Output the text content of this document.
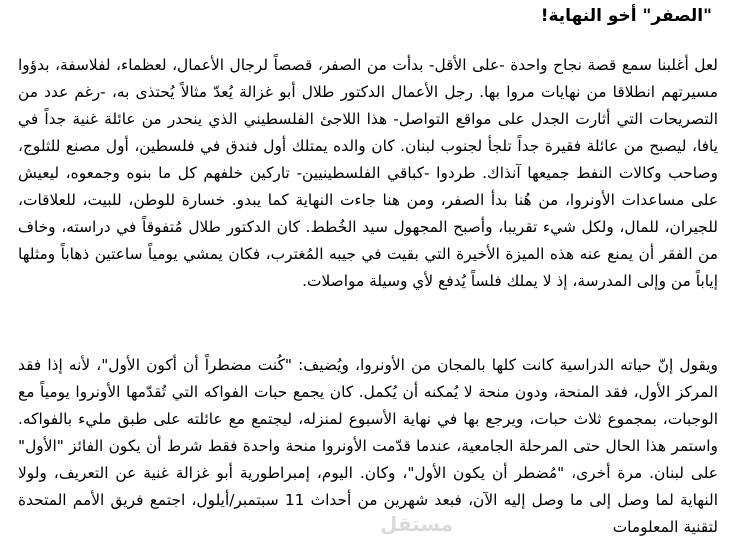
"الصفر" أخو النهاية!

لعل أغلبنا سمع قصة نجاح واحدة -على الأقل- بدأت من الصفر، قصصاً لرجال الأعمال، لعظماء، لفلاسفة، بدؤوا مسيرتهم انطلاقا من نهايات مروا بها. رجل الأعمال الدكتور طلال أبو غزالة يُعدّ مثالاً يُحتذى به، -رغم عدد من التصريحات التي أثارت الجدل على مواقع التواصل- هذا اللاجئ الفلسطيني الذي ينحدر من عائلة غنية جداً في يافا، ليصبح من عائلة فقيرة جداً تلجأ لجنوب لبنان. كان والده يمتلك أول فندق في فلسطين، أول مصنع للثلوج، وصاحب وكالات النفط جميعها آنذاك. طردوا -كباقي الفلسطينيين- تاركين خلفهم كل ما بنوه وجمعوه، ليعيش على مساعدات الأونروا، من هُنا بدأ الصفر، ومن هنا جاءت النهاية كما يبدو. خسارة للوطن، للبيت، للعلاقات، للجيران، للمال، ولكل شيء تقريبا، وأصبح المجهول سيد الخُطط. كان الدكتور طلال مُتفوقاً في دراسته، وخاف من الفقر أن يمنع عنه هذه الميزة الأخيرة التي بقيت في جيبه المُغترب، فكان يمشي يومياً ساعتين ذهاباً ومثلها إياباً من وإلى المدرسة، إذ لا يملك فلساً يُدفع لأي وسيلة مواصلات.

ويقول إنّ حياته الدراسية كانت كلها بالمجان من الأونروا، ويُضيف: "كُنت مضطراً أن أكون الأول"، لأنه إذا فقد المركز الأول، فقد المنحة، ودون منحة لا يُمكنه أن يُكمل. كان يجمع حبات الفواكه التي تُقدّمها الأونروا يومياً مع الوجبات، بمجموع ثلاث حبات، ويرجع بها في نهاية الأسبوع لمنزله، ليجتمع مع عائلته على طبق مليء بالفواكه. واستمر هذا الحال حتى المرحلة الجامعية، عندما قدّمت الأونروا منحة واحدة فقط شرط أن يكون الفائز "الأول" على لبنان. مرة أخرى، "مُضطر أن يكون الأول"، وكان. اليوم، إمبراطورية أبو غزالة غنية عن التعريف، ولولا النهاية لما وصل إلى ما وصل إليه الآن، فبعد شهرين من أحداث 11 سبتمبر/أيلول، اجتمع فريق الأمم المتحدة لتقنية المعلومات

مستقل
